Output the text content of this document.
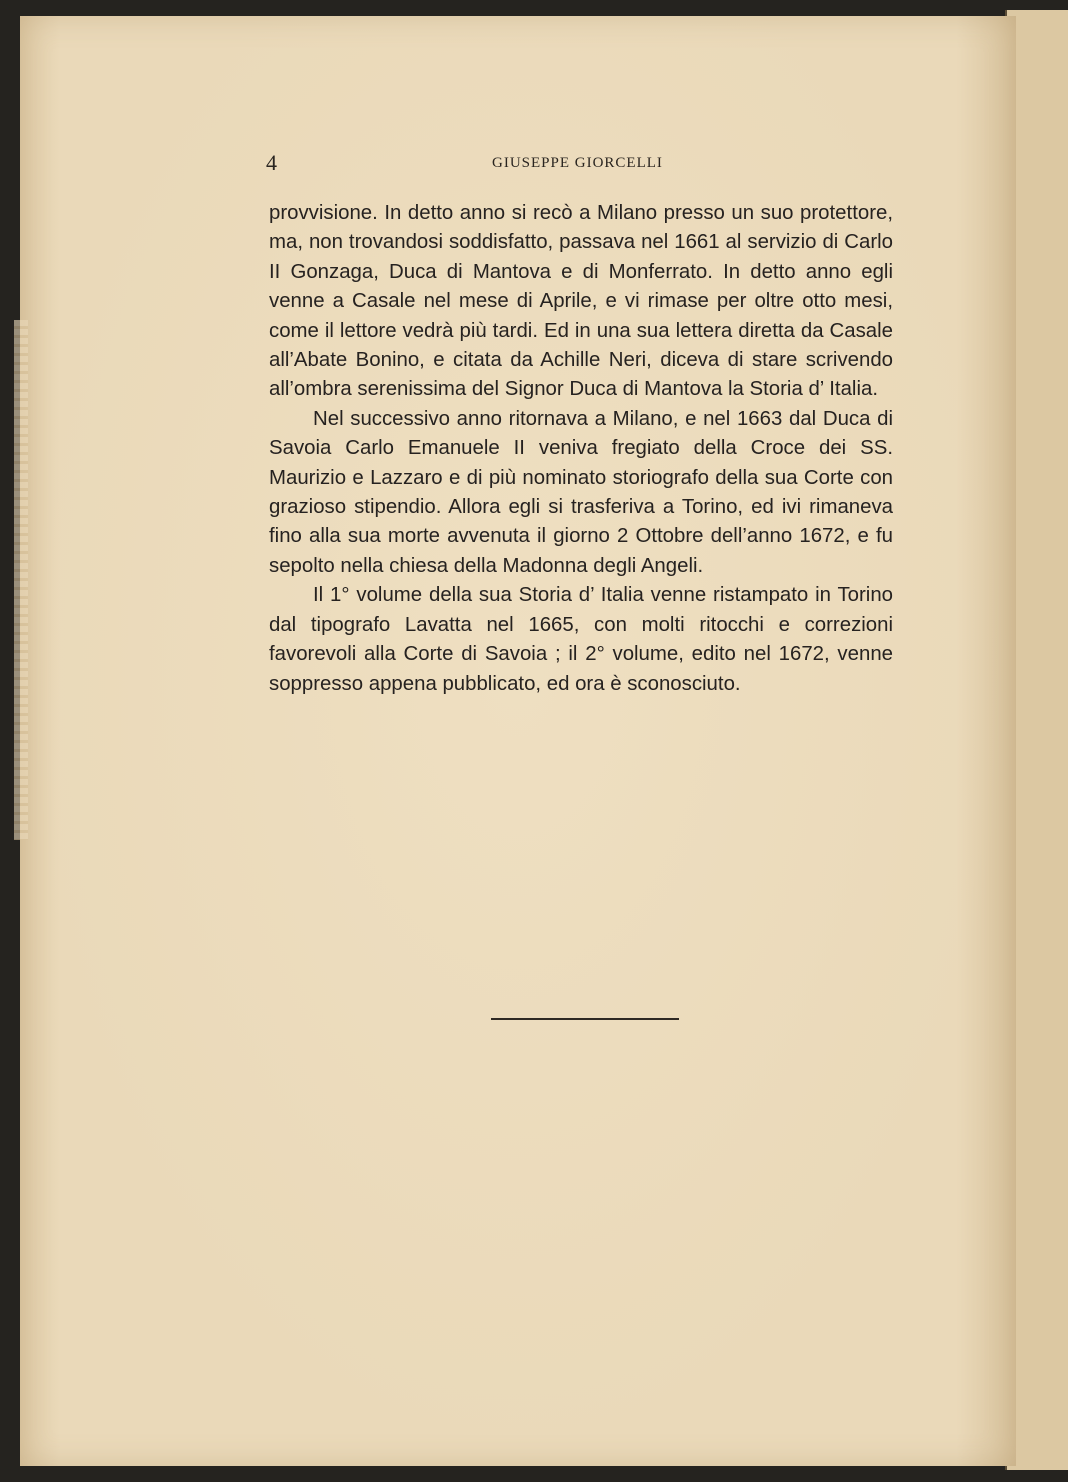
4	GIUSEPPE GIORCELLI

provvisione. In detto anno si recò a Milano presso un suo protettore, ma, non trovandosi soddisfatto, passava nel 1661 al servizio di Carlo II Gonzaga, Duca di Mantova e di Monferrato. In detto anno egli venne a Casale nel mese di Aprile, e vi rimase per oltre otto mesi, come il lettore vedrà più tardi. Ed in una sua lettera diretta da Casale all’Abate Bonino, e citata da Achille Neri, diceva di stare scrivendo all’ombra serenissima del Signor Duca di Mantova la Storia d’ Italia.

Nel successivo anno ritornava a Milano, e nel 1663 dal Duca di Savoia Carlo Emanuele II veniva fregiato della Croce dei SS. Maurizio e Lazzaro e di più nominato storiografo della sua Corte con grazioso stipendio. Allora egli si trasferiva a Torino, ed ivi rimaneva fino alla sua morte avvenuta il giorno 2 Ottobre dell’anno 1672, e fu sepolto nella chiesa della Madonna degli Angeli.

Il 1° volume della sua Storia d’ Italia venne ristampato in Torino dal tipografo Lavatta nel 1665, con molti ritocchi e correzioni favorevoli alla Corte di Savoia ; il 2° volume, edito nel 1672, venne soppresso appena pubblicato, ed ora è sconosciuto.
